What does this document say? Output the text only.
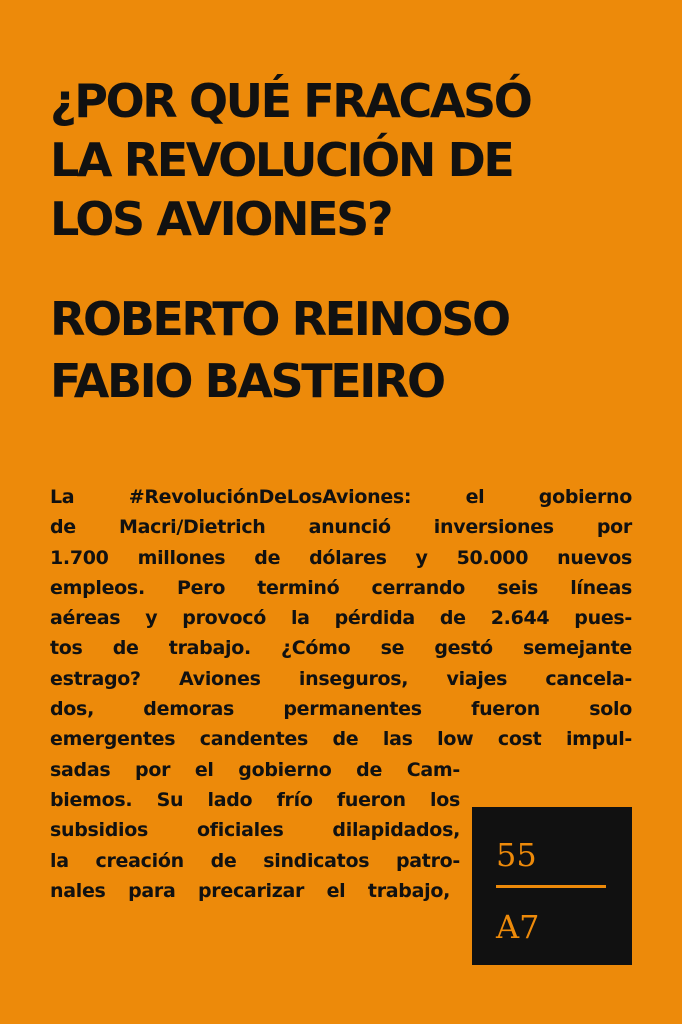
¿POR QUÉ FRACASÓ
LA REVOLUCIÓN DE
LOS AVIONES?
ROBERTO REINOSO
FABIO BASTEIRO
La #RevoluciónDeLosAviones: el gobierno
de Macri/Dietrich anunció inversiones por
1.700 millones de dólares y 50.000 nuevos
empleos. Pero terminó cerrando seis líneas
aéreas y provocó la pérdida de 2.644 pues-
tos de trabajo. ¿Cómo se gestó semejante
estrago? Aviones inseguros, viajes cancela-
dos, demoras permanentes fueron solo
emergentes candentes de las low cost impul-
sadas por el gobierno de Cam-
biemos. Su lado frío fueron los
subsidios oficiales dilapidados,
la creación de sindicatos patro-
nales para precarizar el trabajo,
55
A7
